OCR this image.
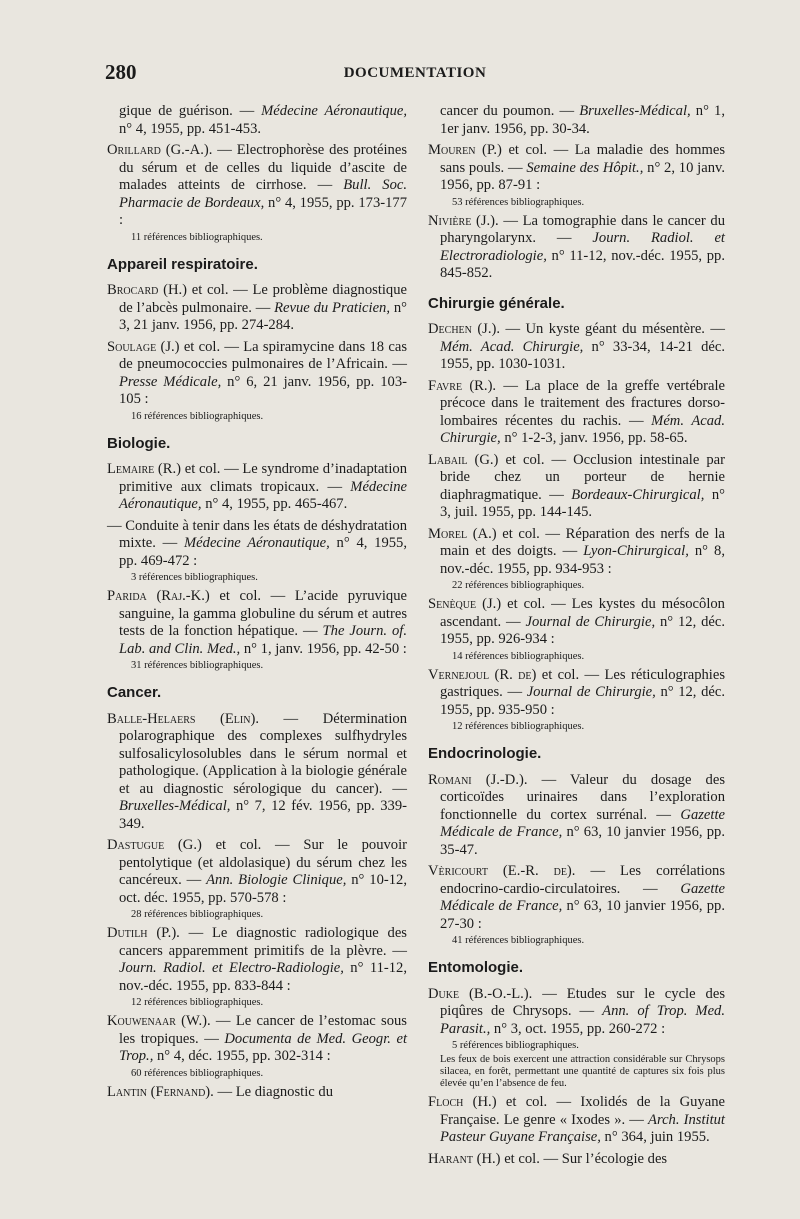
280	DOCUMENTATION

gique de guérison. — Médecine Aéronautique, n° 4, 1955, pp. 451-453.

Orillard (G.-A.). — Electrophorèse des protéines du sérum et de celles du liquide d’ascite de malades atteints de cirrhose. — Bull. Soc. Pharmacie de Bordeaux, n° 4, 1955, pp. 173-177 :

11 références bibliographiques.
Appareil respiratoire.

Brocard (H.) et col. — Le problème diagnostique de l’abcès pulmonaire. — Revue du Praticien, n° 3, 21 janv. 1956, pp. 274-284.

Soulage (J.) et col. — La spiramycine dans 18 cas de pneumococcies pulmonaires de l’Africain. — Presse Médicale, n° 6, 21 janv. 1956, pp. 103-105 :

16 références bibliographiques.
Biologie.

Lemaire (R.) et col. — Le syndrome d’inadaptation primitive aux climats tropicaux. — Médecine Aéronautique, n° 4, 1955, pp. 465-467.

— Conduite à tenir dans les états de déshydratation mixte. — Médecine Aéronautique, n° 4, 1955, pp. 469-472 :

3 références bibliographiques.

Parida (Raj.-K.) et col. — L’acide pyruvique sanguine, la gamma globuline du sérum et autres tests de la fonction hépatique. — The Journ. of. Lab. and Clin. Med., n° 1, janv. 1956, pp. 42-50 :

31 références bibliographiques.
Cancer.

Balle-Helaers (Elin). — Détermination polarographique des complexes sulfhydryles sulfosalicylosolubles dans le sérum normal et pathologique. (Application à la biologie générale et au diagnostic sérologique du cancer). — Bruxelles-Médical, n° 7, 12 fév. 1956, pp. 339-349.

Dastugue (G.) et col. — Sur le pouvoir pentolytique (et aldolasique) du sérum chez les cancéreux. — Ann. Biologie Clinique, n° 10-12, oct. déc. 1955, pp. 570-578 :

28 références bibliographiques.

Dutilh (P.). — Le diagnostic radiologique des cancers apparemment primitifs de la plèvre. — Journ. Radiol. et Electro-Radiologie, n° 11-12, nov.-déc. 1955, pp. 833-844 :

12 références bibliographiques.

Kouwenaar (W.). — Le cancer de l’estomac sous les tropiques. — Documenta de Med. Geogr. et Trop., n° 4, déc. 1955, pp. 302-314 :

60 références bibliographiques.

Lantin (Fernand). — Le diagnostic du

cancer du poumon. — Bruxelles-Médical, n° 1, 1er janv. 1956, pp. 30-34.

Mouren (P.) et col. — La maladie des hommes sans pouls. — Semaine des Hôpit., n° 2, 10 janv. 1956, pp. 87-91 :

53 références bibliographiques.

Nivière (J.). — La tomographie dans le cancer du pharyngolarynx. — Journ. Radiol. et Electroradiologie, n° 11-12, nov.-déc. 1955, pp. 845-852.

Chirurgie générale.

Dechen (J.). — Un kyste géant du mésentère. — Mém. Acad. Chirurgie, n° 33-34, 14-21 déc. 1955, pp. 1030-1031.

Favre (R.). — La place de la greffe vertébrale précoce dans le traitement des fractures dorso-lombaires récentes du rachis. — Mém. Acad. Chirurgie, n° 1-2-3, janv. 1956, pp. 58-65.

Labail (G.) et col. — Occlusion intestinale par bride chez un porteur de hernie diaphragmatique. — Bordeaux-Chirurgical, n° 3, juil. 1955, pp. 144-145.

Morel (A.) et col. — Réparation des nerfs de la main et des doigts. — Lyon-Chirurgical, n° 8, nov.-déc. 1955, pp. 934-953 :

22 références bibliographiques.

Senèque (J.) et col. — Les kystes du mésocôlon ascendant. — Journal de Chirurgie, n° 12, déc. 1955, pp. 926-934 :

14 références bibliographiques.

Vernejoul (R. de) et col. — Les réticulographies gastriques. — Journal de Chirurgie, n° 12, déc. 1955, pp. 935-950 :

12 références bibliographiques.
Endocrinologie.

Romani (J.-D.). — Valeur du dosage des corticoïdes urinaires dans l’exploration fonctionnelle du cortex surrénal. — Gazette Médicale de France, n° 63, 10 janvier 1956, pp. 35-47.

Vèricourt (E.-R. de). — Les corrélations endocrino-cardio-circulatoires. — Gazette Médicale de France, n° 63, 10 janvier 1956, pp. 27-30 :

41 références bibliographiques.
Entomologie.

Duke (B.-O.-L.). — Etudes sur le cycle des piqûres de Chrysops. — Ann. of Trop. Med. Parasit., n° 3, oct. 1955, pp. 260-272 :

5 références bibliographiques.
Les feux de bois exercent une attraction considérable sur Chrysops silacea, en forêt, permettant une quantité de captures six fois plus élevée qu’en l’absence de feu.

Floch (H.) et col. — Ixolidés de la Guyane Française. Le genre « Ixodes ». — Arch. Institut Pasteur Guyane Française, n° 364, juin 1955.

Harant (H.) et col. — Sur l’écologie des
